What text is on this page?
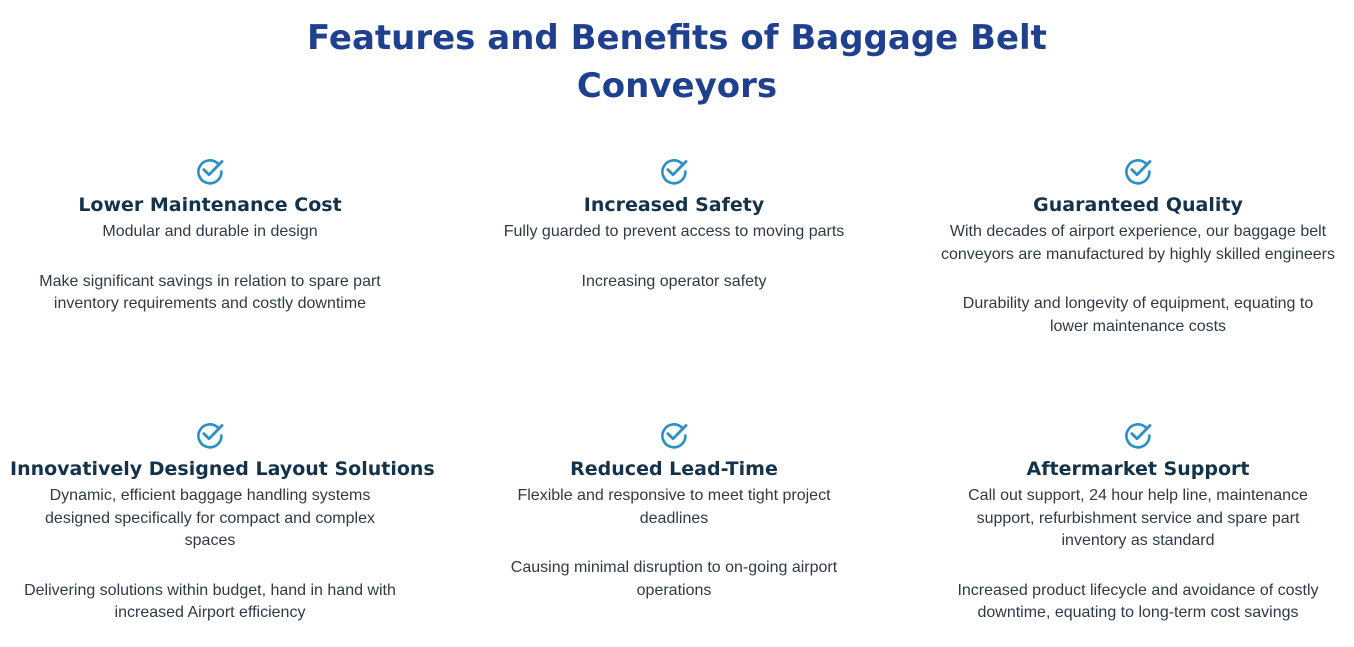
Features and Benefits of Baggage Belt
Conveyors
Lower Maintenance Cost

Modular and durable in design

Make significant savings in relation to spare part inventory requirements and costly downtime

Increased Safety

Fully guarded to prevent access to moving parts

Increasing operator safety

Guaranteed Quality

With decades of airport experience, our baggage belt conveyors are manufactured by highly skilled engineers

Durability and longevity of equipment, equating to lower maintenance costs

Innovatively Designed Layout Solutions

Dynamic, efficient baggage handling systems designed specifically for compact and complex spaces

Delivering solutions within budget, hand in hand with increased Airport efficiency

Reduced Lead-Time

Flexible and responsive to meet tight project deadlines

Causing minimal disruption to on-going airport operations

Aftermarket Support

Call out support, 24 hour help line, maintenance support, refurbishment service and spare part inventory as standard

Increased product lifecycle and avoidance of costly downtime, equating to long-term cost savings
